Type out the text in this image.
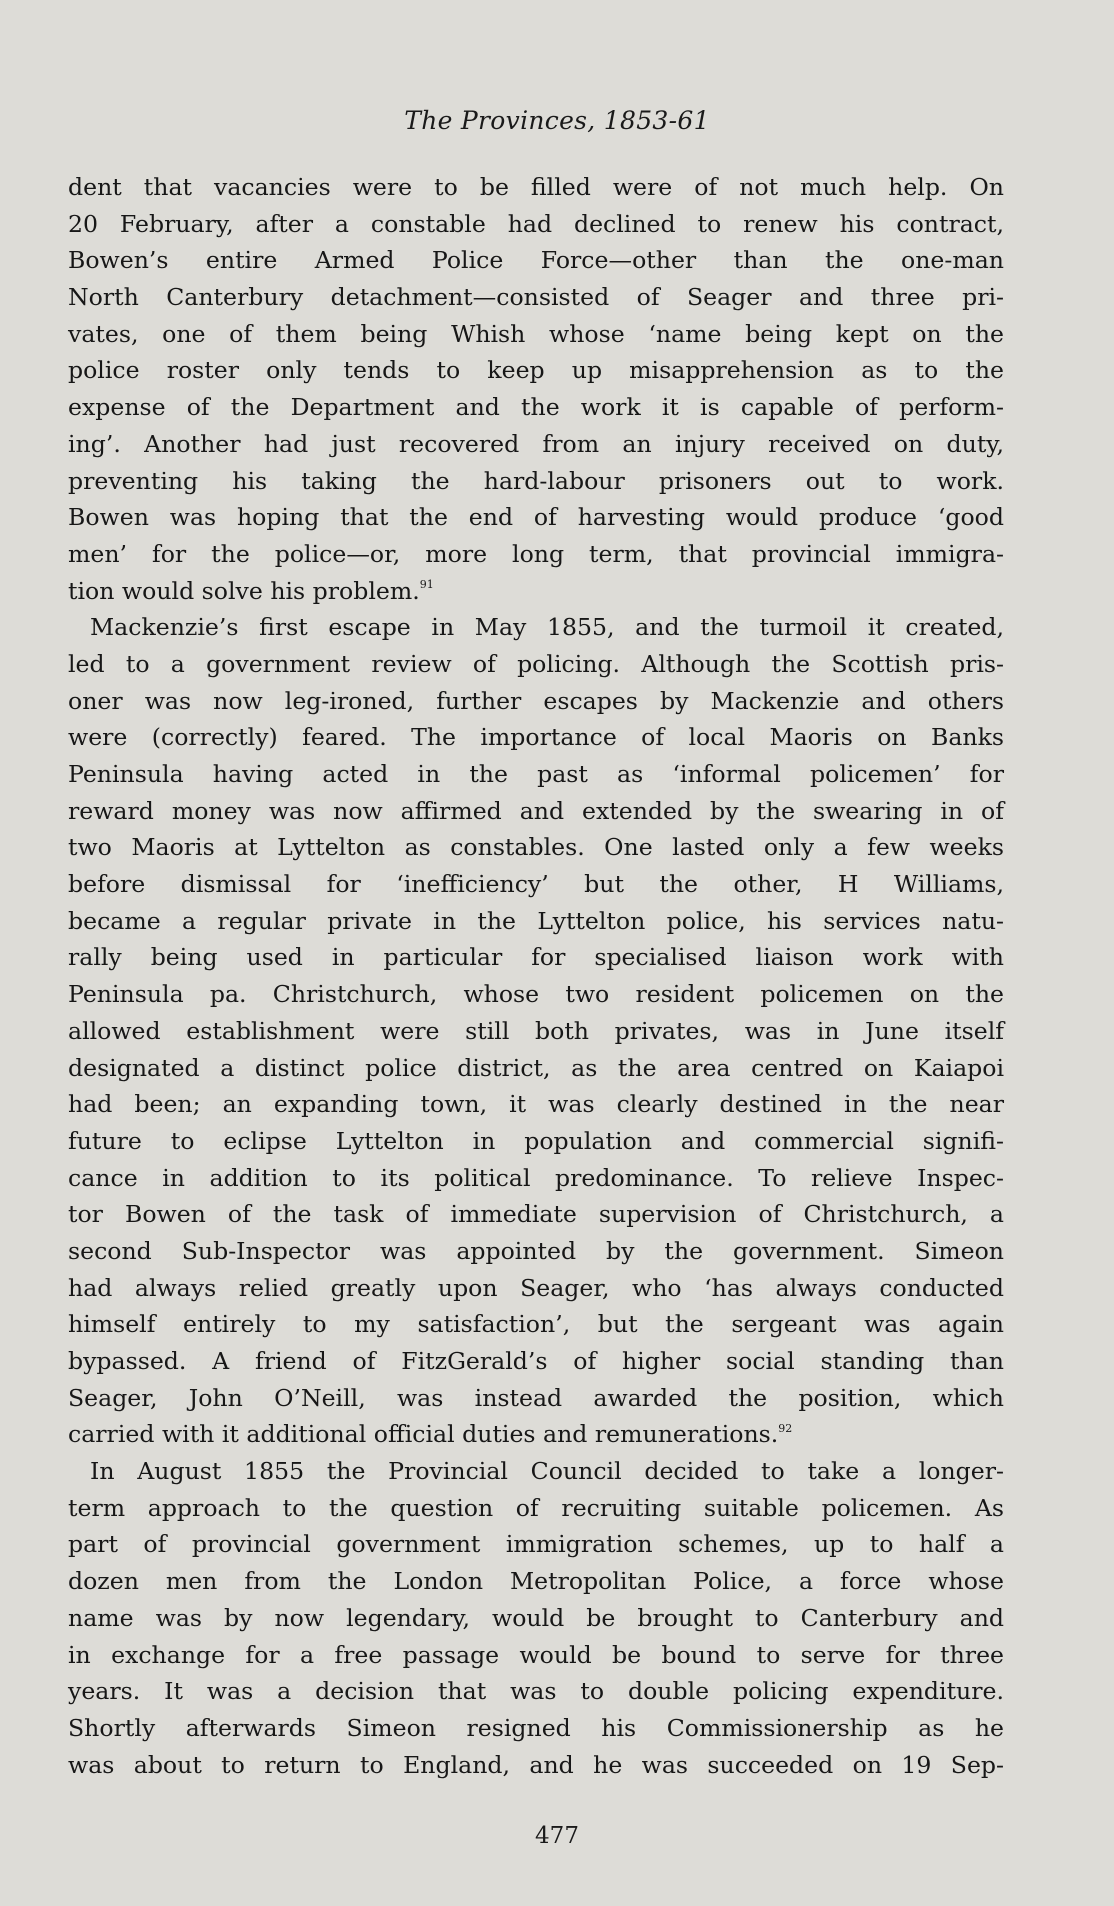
The Provinces, 1853-61
dent that vacancies were to be filled were of not much help. On
20 February, after a constable had declined to renew his contract,
Bowen’s entire Armed Police Force—other than the one-man
North Canterbury detachment—consisted of Seager and three pri-
vates, one of them being Whish whose ‘name being kept on the
police roster only tends to keep up misapprehension as to the
expense of the Department and the work it is capable of perform-
ing’. Another had just recovered from an injury received on duty,
preventing his taking the hard-labour prisoners out to work.
Bowen was hoping that the end of harvesting would produce ‘good
men’ for the police—or, more long term, that provincial immigra-
tion would solve his problem.$^{91}$
Mackenzie’s first escape in May 1855, and the turmoil it created,
led to a government review of policing. Although the Scottish pris-
oner was now leg-ironed, further escapes by Mackenzie and others
were (correctly) feared. The importance of local Maoris on Banks
Peninsula having acted in the past as ‘informal policemen’ for
reward money was now affirmed and extended by the swearing in of
two Maoris at Lyttelton as constables. One lasted only a few weeks
before dismissal for ‘inefficiency’ but the other, H Williams,
became a regular private in the Lyttelton police, his services natu-
rally being used in particular for specialised liaison work with
Peninsula pa. Christchurch, whose two resident policemen on the
allowed establishment were still both privates, was in June itself
designated a distinct police district, as the area centred on Kaiapoi
had been; an expanding town, it was clearly destined in the near
future to eclipse Lyttelton in population and commercial signifi-
cance in addition to its political predominance. To relieve Inspec-
tor Bowen of the task of immediate supervision of Christchurch, a
second Sub-Inspector was appointed by the government. Simeon
had always relied greatly upon Seager, who ‘has always conducted
himself entirely to my satisfaction’, but the sergeant was again
bypassed. A friend of FitzGerald’s of higher social standing than
Seager, John O’Neill, was instead awarded the position, which
carried with it additional official duties and remunerations.$^{92}$
In August 1855 the Provincial Council decided to take a longer-
term approach to the question of recruiting suitable policemen. As
part of provincial government immigration schemes, up to half a
dozen men from the London Metropolitan Police, a force whose
name was by now legendary, would be brought to Canterbury and
in exchange for a free passage would be bound to serve for three
years. It was a decision that was to double policing expenditure.
Shortly afterwards Simeon resigned his Commissionership as he
was about to return to England, and he was succeeded on 19 Sep-
477
